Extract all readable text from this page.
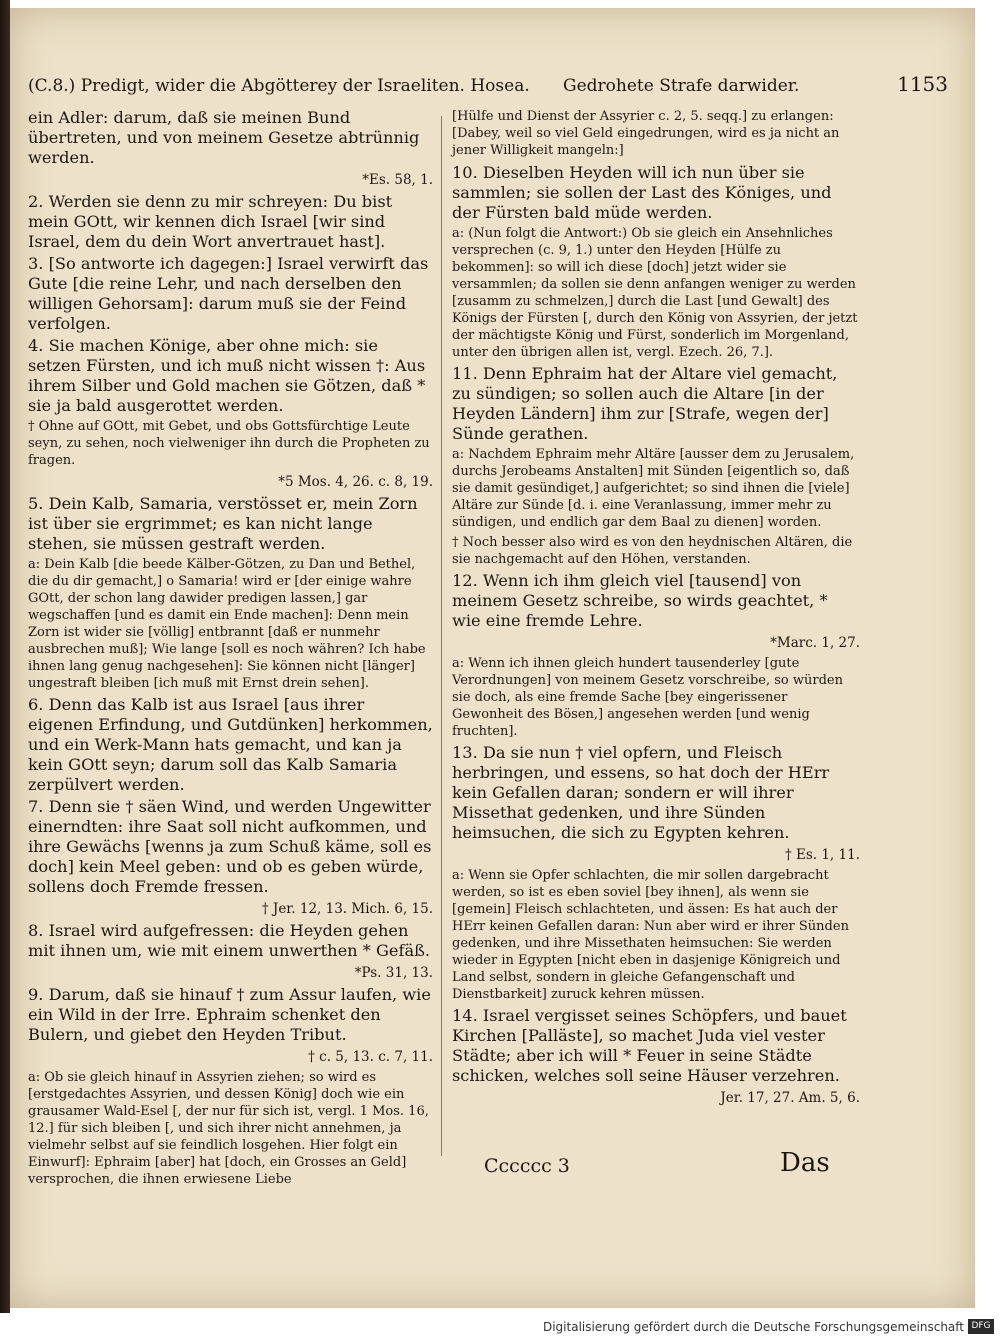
(C.8.) Predigt, wider die Abgötterey der Israeliten. Hosea. Gedrohete Strafe darwider.	1153

ein Adler: darum, daß sie meinen Bund übertreten, und von meinem Gesetze abtrünnig werden.

*Es. 58, 1.

2. Werden sie denn zu mir schreyen: Du bist mein GOtt, wir kennen dich Israel [wir sind Israel, dem du dein Wort anvertrauet hast].

3. [So antworte ich dagegen:] Israel verwirft das Gute [die reine Lehr, und nach derselben den willigen Gehorsam]: darum muß sie der Feind verfolgen.

4. Sie machen Könige, aber ohne mich: sie setzen Fürsten, und ich muß nicht wissen †: Aus ihrem Silber und Gold machen sie Götzen, daß * sie ja bald ausgerottet werden.

† Ohne auf GOtt, mit Gebet, und obs Gottsfürchtige Leute seyn, zu sehen, noch vielweniger ihn durch die Propheten zu fragen.

*5 Mos. 4, 26. c. 8, 19.

5. Dein Kalb, Samaria, verstösset er, mein Zorn ist über sie ergrimmet; es kan nicht lange stehen, sie müssen gestraft werden.

a: Dein Kalb [die beede Kälber-Götzen, zu Dan und Bethel, die du dir gemacht,] o Samaria! wird er [der einige wahre GOtt, der schon lang dawider predigen lassen,] gar wegschaffen [und es damit ein Ende machen]: Denn mein Zorn ist wider sie [völlig] entbrannt [daß er nunmehr ausbrechen muß]; Wie lange [soll es noch währen? Ich habe ihnen lang genug nachgesehen]: Sie können nicht [länger] ungestraft bleiben [ich muß mit Ernst drein sehen].

6. Denn das Kalb ist aus Israel [aus ihrer eigenen Erfindung, und Gutdünken] herkommen, und ein Werk-Mann hats gemacht, und kan ja kein GOtt seyn; darum soll das Kalb Samaria zerpülvert werden.

7. Denn sie † säen Wind, und werden Ungewitter einerndten: ihre Saat soll nicht aufkommen, und ihre Gewächs [wenns ja zum Schuß käme, soll es doch] kein Meel geben: und ob es geben würde, sollens doch Fremde fressen.

† Jer. 12, 13. Mich. 6, 15.

8. Israel wird aufgefressen: die Heyden gehen mit ihnen um, wie mit einem unwerthen * Gefäß.

*Ps. 31, 13.

9. Darum, daß sie hinauf † zum Assur laufen, wie ein Wild in der Irre. Ephraim schenket den Bulern, und giebet den Heyden Tribut.

† c. 5, 13. c. 7, 11.

a: Ob sie gleich hinauf in Assyrien ziehen; so wird es [erstgedachtes Assyrien, und dessen König] doch wie ein grausamer Wald-Esel [, der nur für sich ist, vergl. 1 Mos. 16, 12.] für sich bleiben [, und sich ihrer nicht annehmen, ja vielmehr selbst auf sie feindlich losgehen. Hier folgt ein Einwurf]: Ephraim [aber] hat [doch, ein Grosses an Geld] versprochen, die ihnen erwiesene Liebe

[Hülfe und Dienst der Assyrier c. 2, 5. seqq.] zu erlangen: [Dabey, weil so viel Geld eingedrungen, wird es ja nicht an jener Willigkeit mangeln:]

10. Dieselben Heyden will ich nun über sie sammlen; sie sollen der Last des Königes, und der Fürsten bald müde werden.

a: (Nun folgt die Antwort:) Ob sie gleich ein Ansehnliches versprechen (c. 9, 1.) unter den Heyden [Hülfe zu bekommen]: so will ich diese [doch] jetzt wider sie versammlen; da sollen sie denn anfangen weniger zu werden [zusamm zu schmelzen,] durch die Last [und Gewalt] des Königs der Fürsten [, durch den König von Assyrien, der jetzt der mächtigste König und Fürst, sonderlich im Morgenland, unter den übrigen allen ist, vergl. Ezech. 26, 7.].

11. Denn Ephraim hat der Altare viel gemacht, zu sündigen; so sollen auch die Altare [in der Heyden Ländern] ihm zur [Strafe, wegen der] Sünde gerathen.

a: Nachdem Ephraim mehr Altäre [ausser dem zu Jerusalem, durchs Jerobeams Anstalten] mit Sünden [eigentlich so, daß sie damit gesündiget,] aufgerichtet; so sind ihnen die [viele] Altäre zur Sünde [d. i. eine Veranlassung, immer mehr zu sündigen, und endlich gar dem Baal zu dienen] worden.

† Noch besser also wird es von den heydnischen Altären, die sie nachgemacht auf den Höhen, verstanden.

12. Wenn ich ihm gleich viel [tausend] von meinem Gesetz schreibe, so wirds geachtet, * wie eine fremde Lehre.

*Marc. 1, 27.

a: Wenn ich ihnen gleich hundert tausenderley [gute Verordnungen] von meinem Gesetz vorschreibe, so würden sie doch, als eine fremde Sache [bey eingerissener Gewonheit des Bösen,] angesehen werden [und wenig fruchten].

13. Da sie nun † viel opfern, und Fleisch herbringen, und essens, so hat doch der HErr kein Gefallen daran; sondern er will ihrer Missethat gedenken, und ihre Sünden heimsuchen, die sich zu Egypten kehren.

† Es. 1, 11.

a: Wenn sie Opfer schlachten, die mir sollen dargebracht werden, so ist es eben soviel [bey ihnen], als wenn sie [gemein] Fleisch schlachteten, und ässen: Es hat auch der HErr keinen Gefallen daran: Nun aber wird er ihrer Sünden gedenken, und ihre Missethaten heimsuchen: Sie werden wieder in Egypten [nicht eben in dasjenige Königreich und Land selbst, sondern in gleiche Gefangenschaft und Dienstbarkeit] zuruck kehren müssen.

14. Israel vergisset seines Schöpfers, und bauet Kirchen [Palläste], so machet Juda viel vester Städte; aber ich will * Feuer in seine Städte schicken, welches soll seine Häuser verzehren.

Jer. 17, 27. Am. 5, 6.

Cccccc 3	Das
Digitalisierung gefördert durch die Deutsche Forschungsgemeinschaft DFG
